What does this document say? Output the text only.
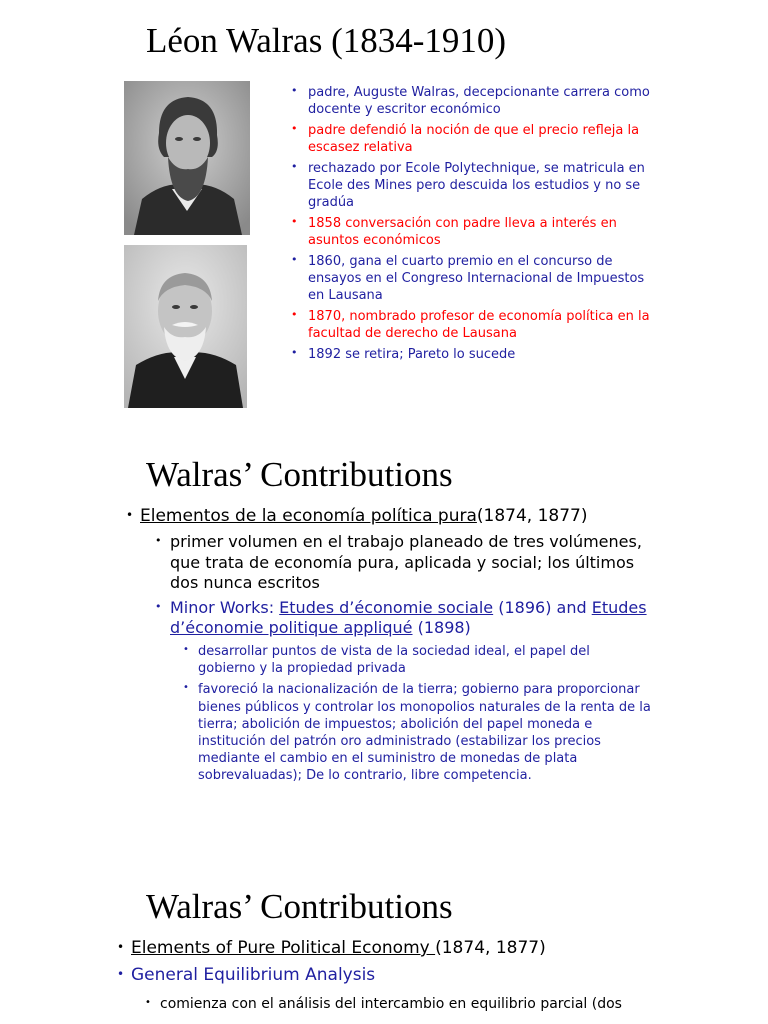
Léon Walras (1834-1910)
• padre, Auguste Walras, decepcionante carrera como docente y escritor económico
• padre defendió la noción de que el precio refleja la escasez relativa
• rechazado por Ecole Polytechnique, se matricula en Ecole des Mines pero descuida los estudios y no se gradúa
• 1858 conversación con padre lleva a interés en asuntos económicos
• 1860, gana el cuarto premio en el concurso de ensayos en el Congreso Internacional de Impuestos en Lausana
• 1870, nombrado profesor de economía política en la facultad de derecho de Lausana
• 1892 se retira; Pareto lo sucede
Walras’ Contributions
• Elementos de la economía política pura(1874, 1877)
• primer volumen en el trabajo planeado de tres volúmenes, que trata de economía pura, aplicada y social; los últimos dos nunca escritos
• Minor Works: Etudes d’économie sociale (1896) and Etudes d’économie politique appliqué (1898)
• desarrollar puntos de vista de la sociedad ideal, el papel del gobierno y la propiedad privada
• favoreció la nacionalización de la tierra; gobierno para proporcionar bienes públicos y controlar los monopolios naturales de la renta de la tierra; abolición de impuestos; abolición del papel moneda e institución del patrón oro administrado (estabilizar los precios mediante el cambio en el suministro de monedas de plata sobrevaluadas); De lo contrario, libre competencia.
Walras’ Contributions
• Elements of Pure Political Economy (1874, 1877)
• General Equilibrium Analysis
• comienza con el análisis del intercambio en equilibrio parcial (dos
